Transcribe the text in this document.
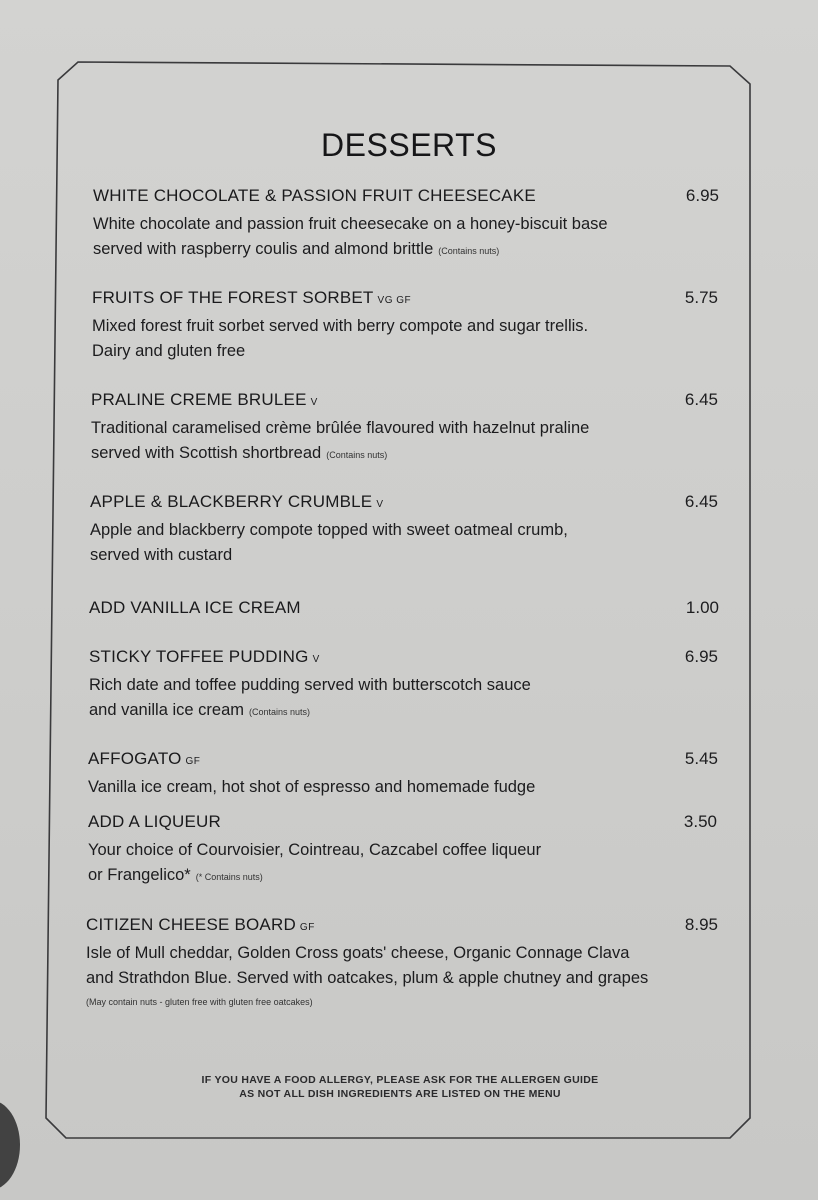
DESSERTS
WHITE CHOCOLATE & PASSION FRUIT CHEESECAKE	6.95
White chocolate and passion fruit cheesecake on a honey-biscuit base
served with raspberry coulis and almond brittle (Contains nuts)
FRUITS OF THE FOREST SORBET VG GF	5.75
Mixed forest fruit sorbet served with berry compote and sugar trellis.
Dairy and gluten free
PRALINE CREME BRULEE V	6.45
Traditional caramelised crème brûlée flavoured with hazelnut praline
served with Scottish shortbread (Contains nuts)
APPLE & BLACKBERRY CRUMBLE V	6.45
Apple and blackberry compote topped with sweet oatmeal crumb,
served with custard
ADD VANILLA ICE CREAM	1.00
STICKY TOFFEE PUDDING V	6.95
Rich date and toffee pudding served with butterscotch sauce
and vanilla ice cream (Contains nuts)
AFFOGATO GF	5.45
Vanilla ice cream, hot shot of espresso and homemade fudge
ADD A LIQUEUR	3.50
Your choice of Courvoisier, Cointreau, Cazcabel coffee liqueur
or Frangelico* (* Contains nuts)
CITIZEN CHEESE BOARD GF	8.95
Isle of Mull cheddar, Golden Cross goats' cheese, Organic Connage Clava
and Strathdon Blue. Served with oatcakes, plum & apple chutney and grapes
(May contain nuts - gluten free with gluten free oatcakes)
IF YOU HAVE A FOOD ALLERGY, PLEASE ASK FOR THE ALLERGEN GUIDE
AS NOT ALL DISH INGREDIENTS ARE LISTED ON THE MENU
